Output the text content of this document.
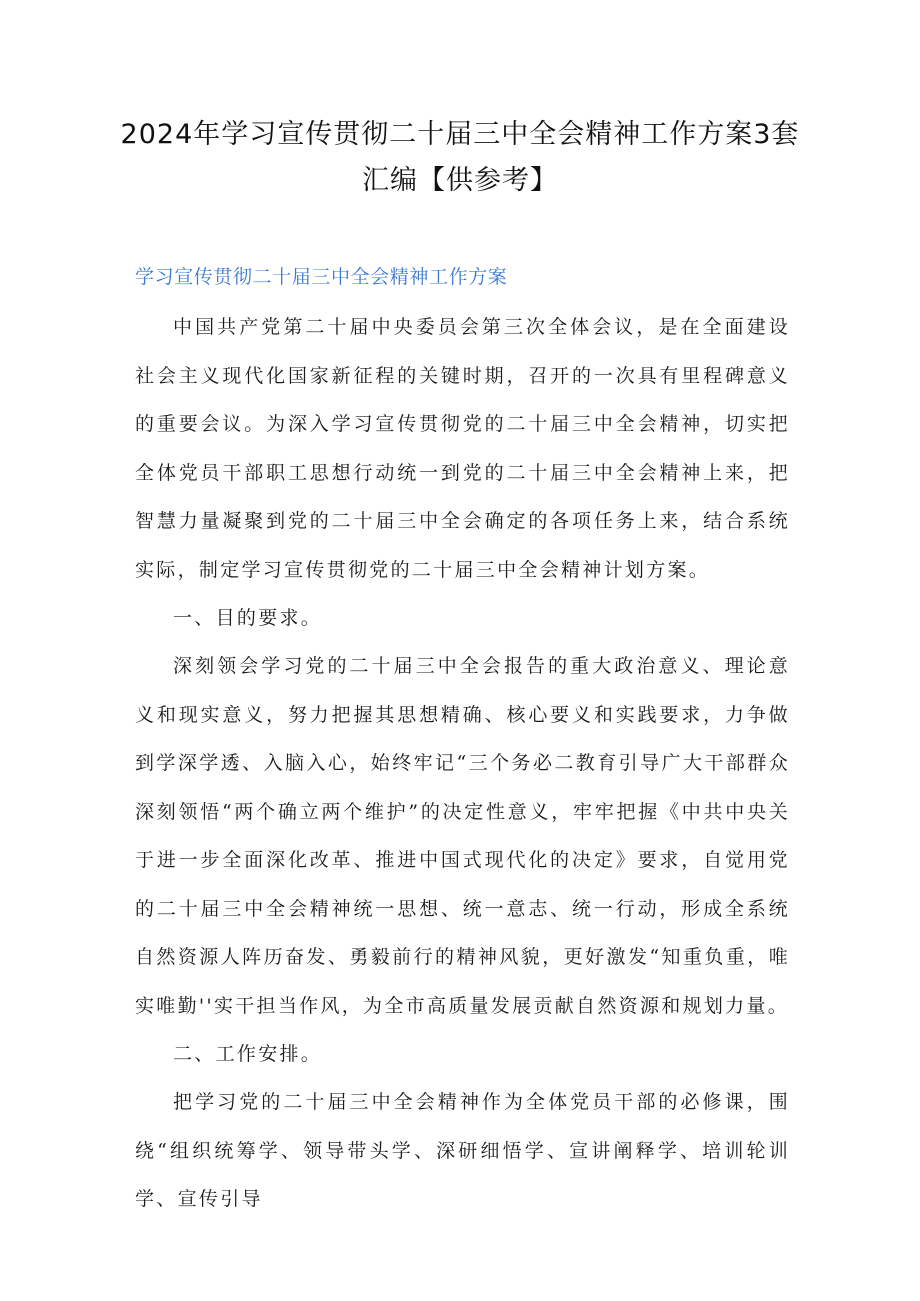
2024年学习宣传贯彻二十届三中全会精神工作方案3套汇编【供参考】
学习宣传贯彻二十届三中全会精神工作方案

中国共产党第二十届中央委员会第三次全体会议，是在全面建设社会主义现代化国家新征程的关键时期，召开的一次具有里程碑意义的重要会议。为深入学习宣传贯彻党的二十届三中全会精神，切实把全体党员干部职工思想行动统一到党的二十届三中全会精神上来，把智慧力量凝聚到党的二十届三中全会确定的各项任务上来，结合系统实际，制定学习宣传贯彻党的二十届三中全会精神计划方案。

一、目的要求。

深刻领会学习党的二十届三中全会报告的重大政治意义、理论意义和现实意义，努力把握其思想精确、核心要义和实践要求，力争做到学深学透、入脑入心，始终牢记“三个务必二教育引导广大干部群众深刻领悟“两个确立两个维护”的决定性意义，牢牢把握《中共中央关于进一步全面深化改革、推进中国式现代化的决定》要求，自觉用党的二十届三中全会精神统一思想、统一意志、统一行动，形成全系统自然资源人阵历奋发、勇毅前行的精神风貌，更好激发“知重负重，唯实唯勤''实干担当作风，为全市高质量发展贡献自然资源和规划力量。

二、工作安排。

把学习党的二十届三中全会精神作为全体党员干部的必修课，围绕“组织统筹学、领导带头学、深研细悟学、宣讲阐释学、培训轮训学、宣传引导
